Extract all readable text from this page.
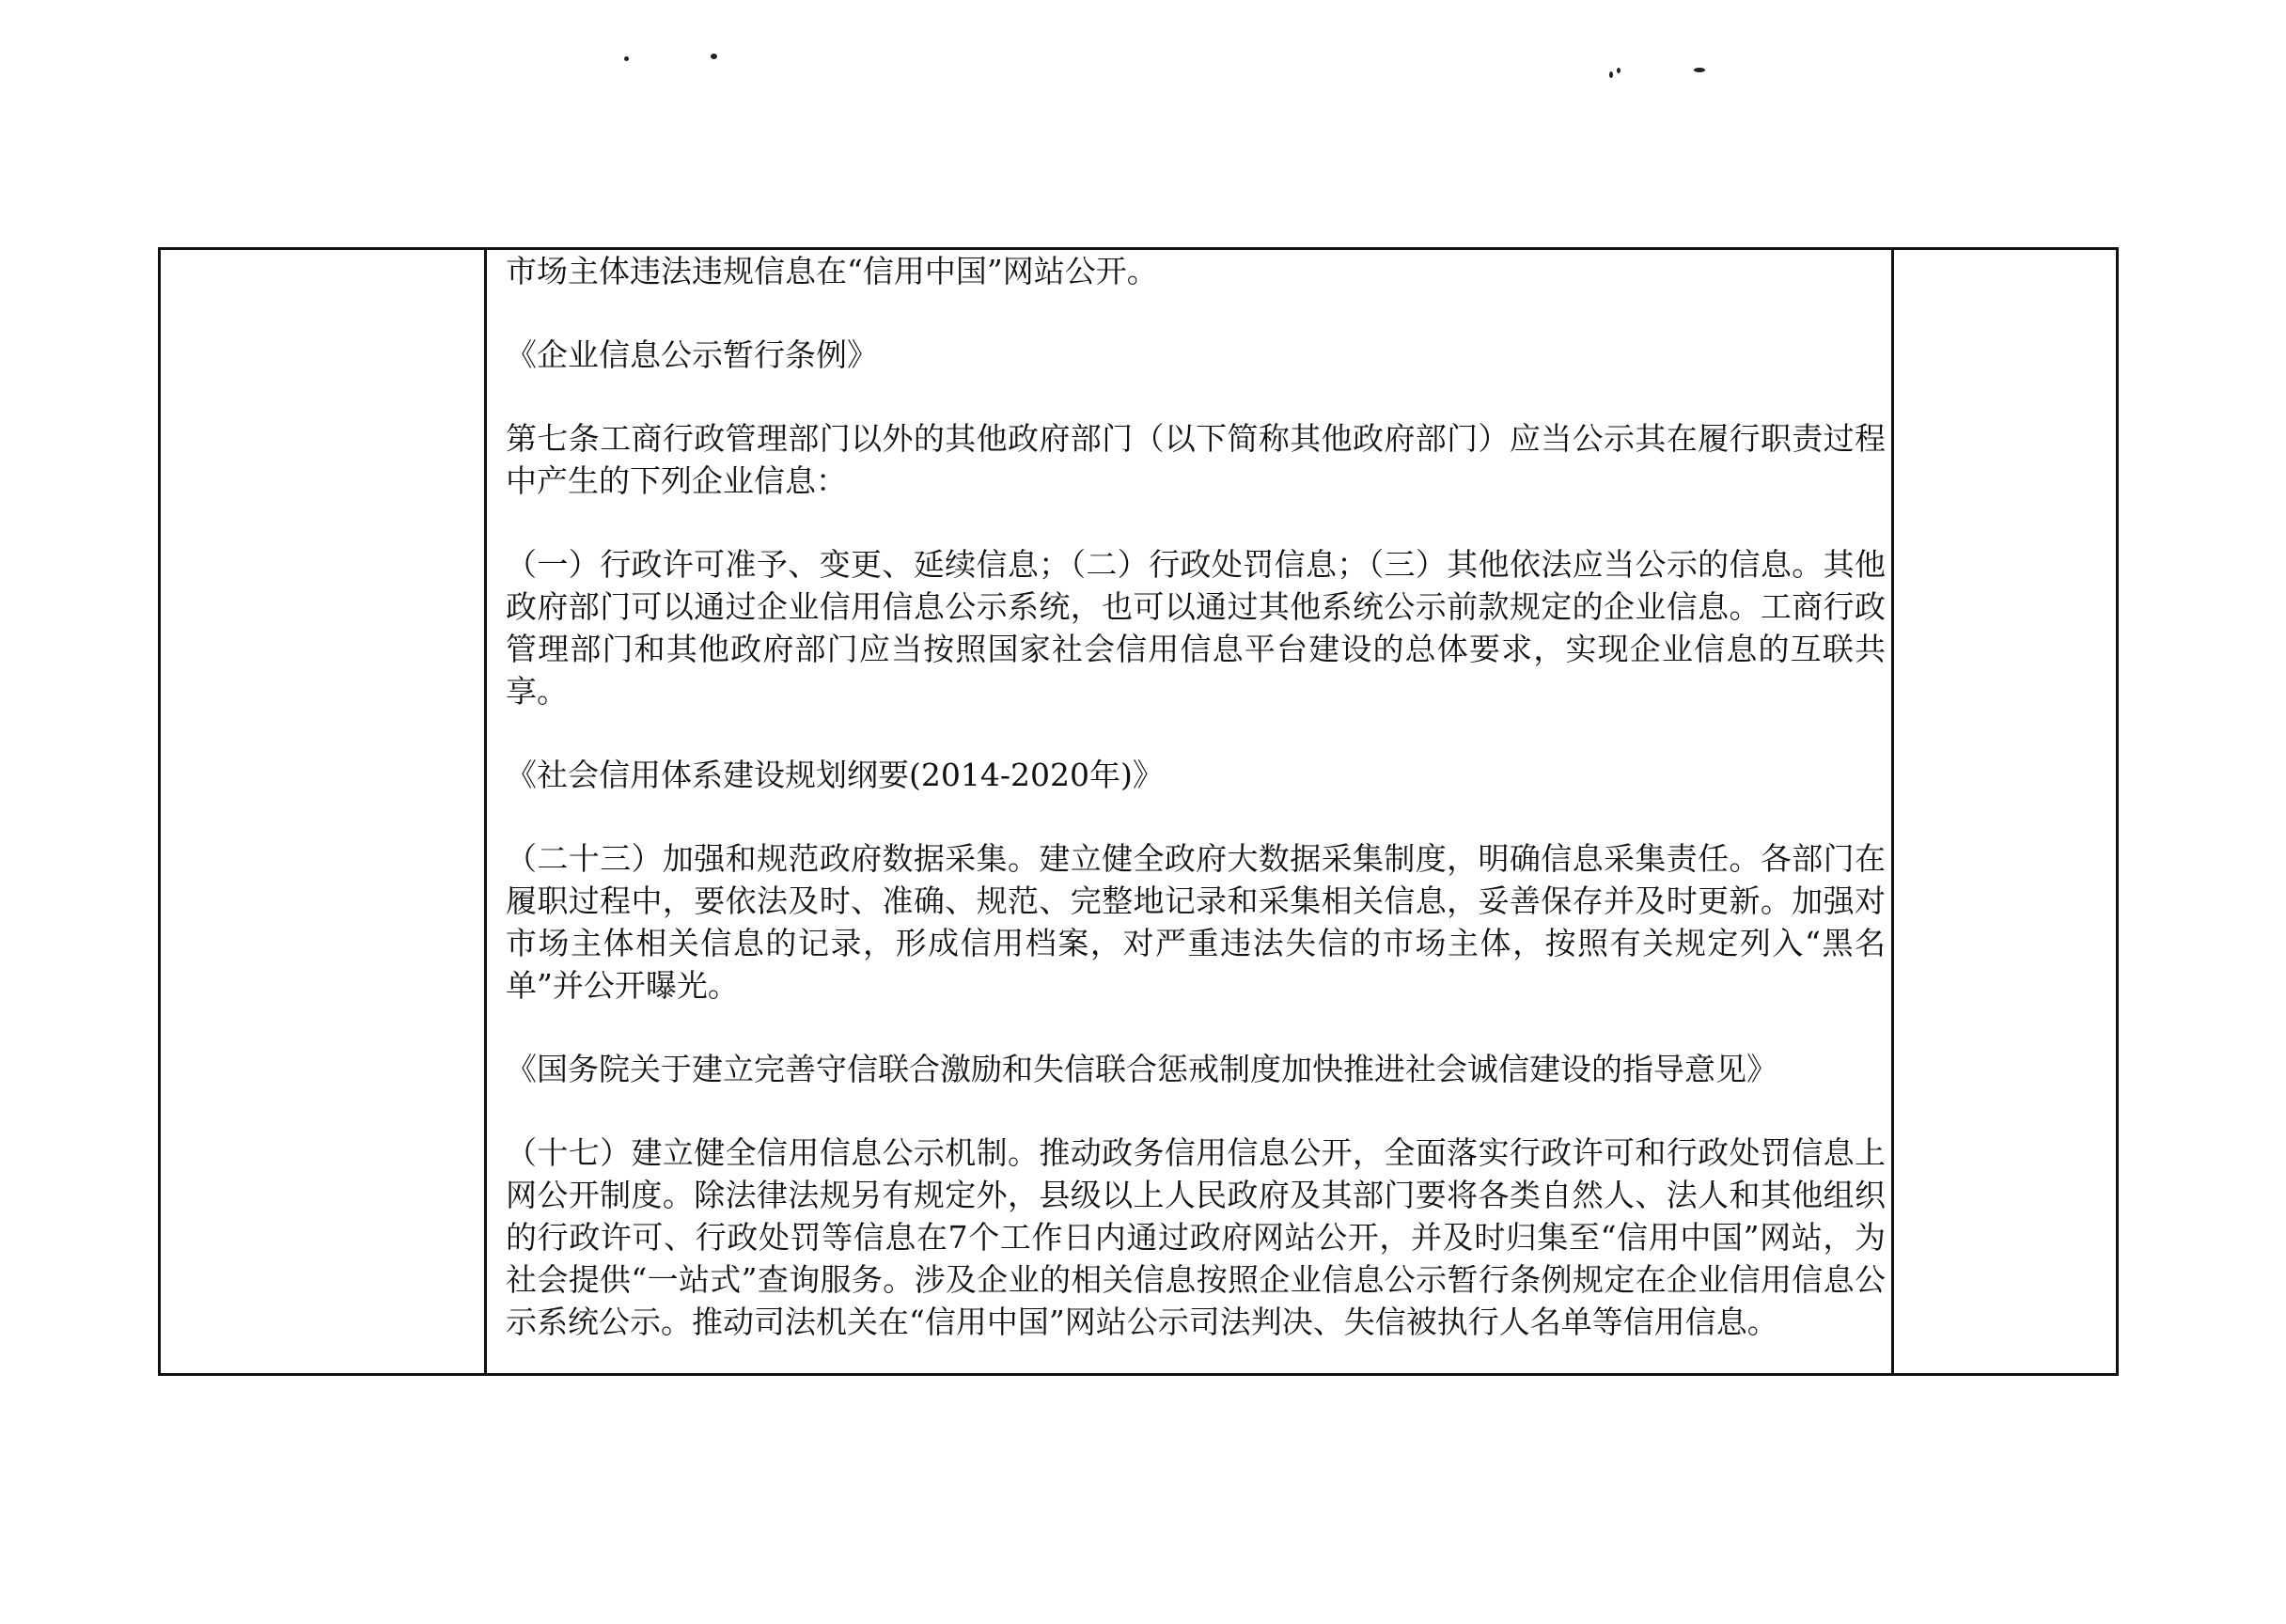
市场主体违法违规信息在“信用中国”网站公开。

《企业信息公示暂行条例》

第七条工商行政管理部门以外的其他政府部门（以下简称其他政府部门）应当公示其在履行职责过程中产生的下列企业信息：

（一）行政许可准予、变更、延续信息；（二）行政处罚信息；（三）其他依法应当公示的信息。其他政府部门可以通过企业信用信息公示系统，也可以通过其他系统公示前款规定的企业信息。工商行政管理部门和其他政府部门应当按照国家社会信用信息平台建设的总体要求，实现企业信息的互联共享。

《社会信用体系建设规划纲要(2014-2020年)》

（二十三）加强和规范政府数据采集。建立健全政府大数据采集制度，明确信息采集责任。各部门在履职过程中，要依法及时、准确、规范、完整地记录和采集相关信息，妥善保存并及时更新。加强对市场主体相关信息的记录，形成信用档案，对严重违法失信的市场主体，按照有关规定列入“黑名单”并公开曝光。

《国务院关于建立完善守信联合激励和失信联合惩戒制度加快推进社会诚信建设的指导意见》

（十七）建立健全信用信息公示机制。推动政务信用信息公开，全面落实行政许可和行政处罚信息上网公开制度。除法律法规另有规定外，县级以上人民政府及其部门要将各类自然人、法人和其他组织的行政许可、行政处罚等信息在7个工作日内通过政府网站公开，并及时归集至“信用中国”网站，为社会提供“一站式”查询服务。涉及企业的相关信息按照企业信息公示暂行条例规定在企业信用信息公示系统公示。推动司法机关在“信用中国”网站公示司法判决、失信被执行人名单等信用信息。
